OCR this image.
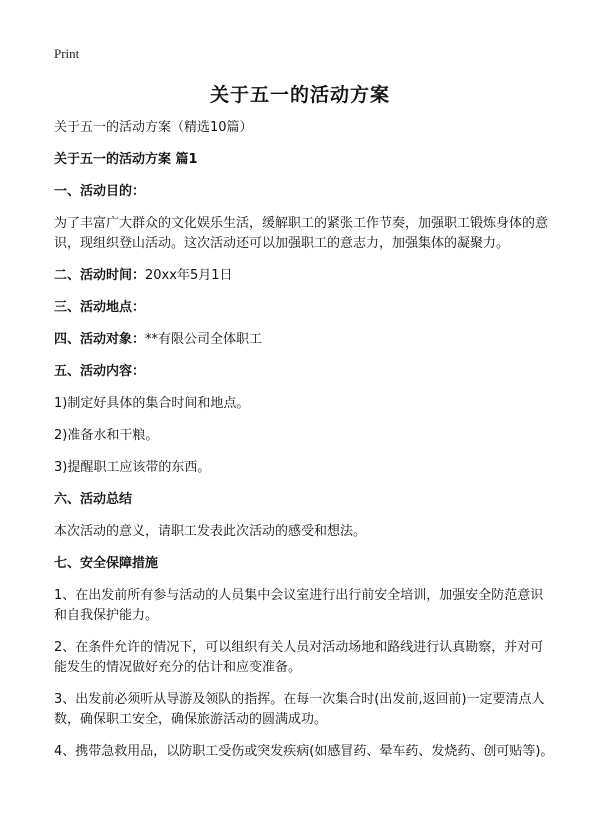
Print
关于五一的活动方案

关于五一的活动方案（精选10篇）

关于五一的活动方案 篇1

一、活动目的：

为了丰富广大群众的文化娱乐生活，缓解职工的紧张工作节奏，加强职工锻炼身体的意识，现组织登山活动。这次活动还可以加强职工的意志力，加强集体的凝聚力。

二、活动时间：20xx年5月1日

三、活动地点：

四、活动对象：**有限公司全体职工

五、活动内容：

1)制定好具体的集合时间和地点。

2)准备水和干粮。

3)提醒职工应该带的东西。

六、活动总结

本次活动的意义，请职工发表此次活动的感受和想法。

七、安全保障措施

1、在出发前所有参与活动的人员集中会议室进行出行前安全培训，加强安全防范意识和自我保护能力。

2、在条件允许的情况下，可以组织有关人员对活动场地和路线进行认真勘察，并对可能发生的情况做好充分的估计和应变准备。

3、出发前必须听从导游及领队的指挥。在每一次集合时(出发前,返回前)一定要清点人数，确保职工安全，确保旅游活动的圆满成功。

4、携带急救用品，以防职工受伤或突发疾病(如感冒药、晕车药、发烧药、创可贴等)。
